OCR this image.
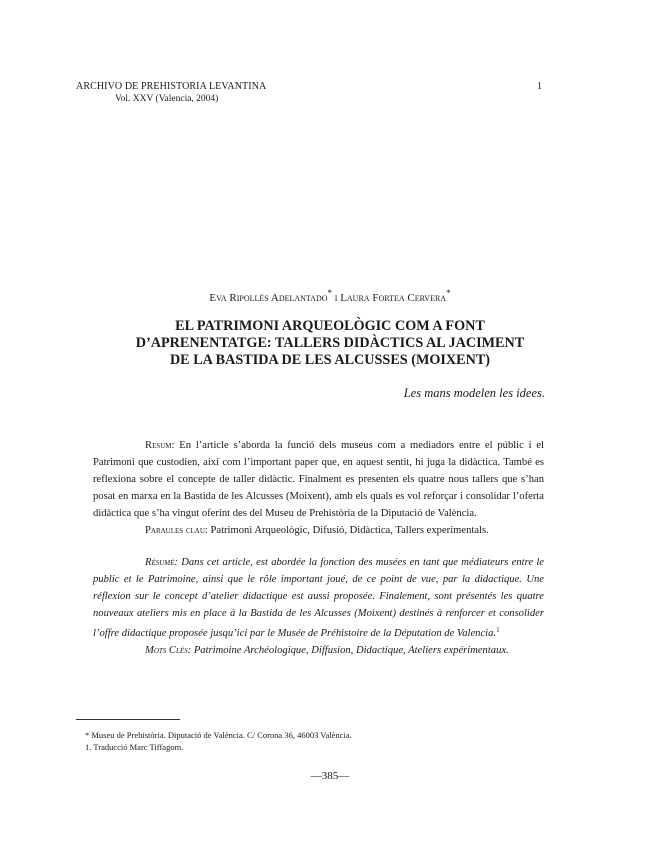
ARCHIVO DE PREHISTORIA LEVANTINA
Vol. XXV (Valencia, 2004)
1
Eva Ripollés Adelantado* i Laura Fortea Cervera*
EL PATRIMONI ARQUEOLÒGIC COM A FONT
D’APRENENTATGE: TALLERS DIDÀCTICS AL JACIMENT
DE LA BASTIDA DE LES ALCUSSES (MOIXENT)
Les mans modelen les idees.

Resum: En l’article s’aborda la funció dels museus com a mediadors entre el públic i el Patrimoni que custodien, així com l’important paper que, en aquest sentit, hi juga la didàctica. També es reflexiona sobre el concepte de taller didàctic. Finalment es presenten els quatre nous tallers que s’han posat en marxa en la Bastida de les Alcusses (Moixent), amb els quals es vol reforçar i consolidar l’oferta didàctica que s’ha vingut oferint des del Museu de Prehistòria de la Diputació de València.

Paraules clau: Patrimoni Arqueològic, Difusió, Didàctica, Tallers experimentals.

Résumé: Dans cet article, est abordée la fonction des musées en tant que médiateurs entre le public et le Patrimoine, ainsi que le rôle important joué, de ce point de vue, par la didactique. Une réflexion sur le concept d’atelier didactique est aussi proposée. Finalement, sont présentés les quatre nouveaux ateliers mis en place à la Bastida de les Alcusses (Moixent) destinés à renforcer et consolider l’offre didactique proposée jusqu’ici par le Musée de Préhistoire de la Députation de Valencia.$^1$

Mots Clés: Patrimoine Archéologique, Diffusion, Didactique, Ateliers expérimentaux.

* Museu de Prehistòria. Diputació de València. C/ Corona 36, 46003 València.
1. Traducció Marc Tiffagom.
—385—
